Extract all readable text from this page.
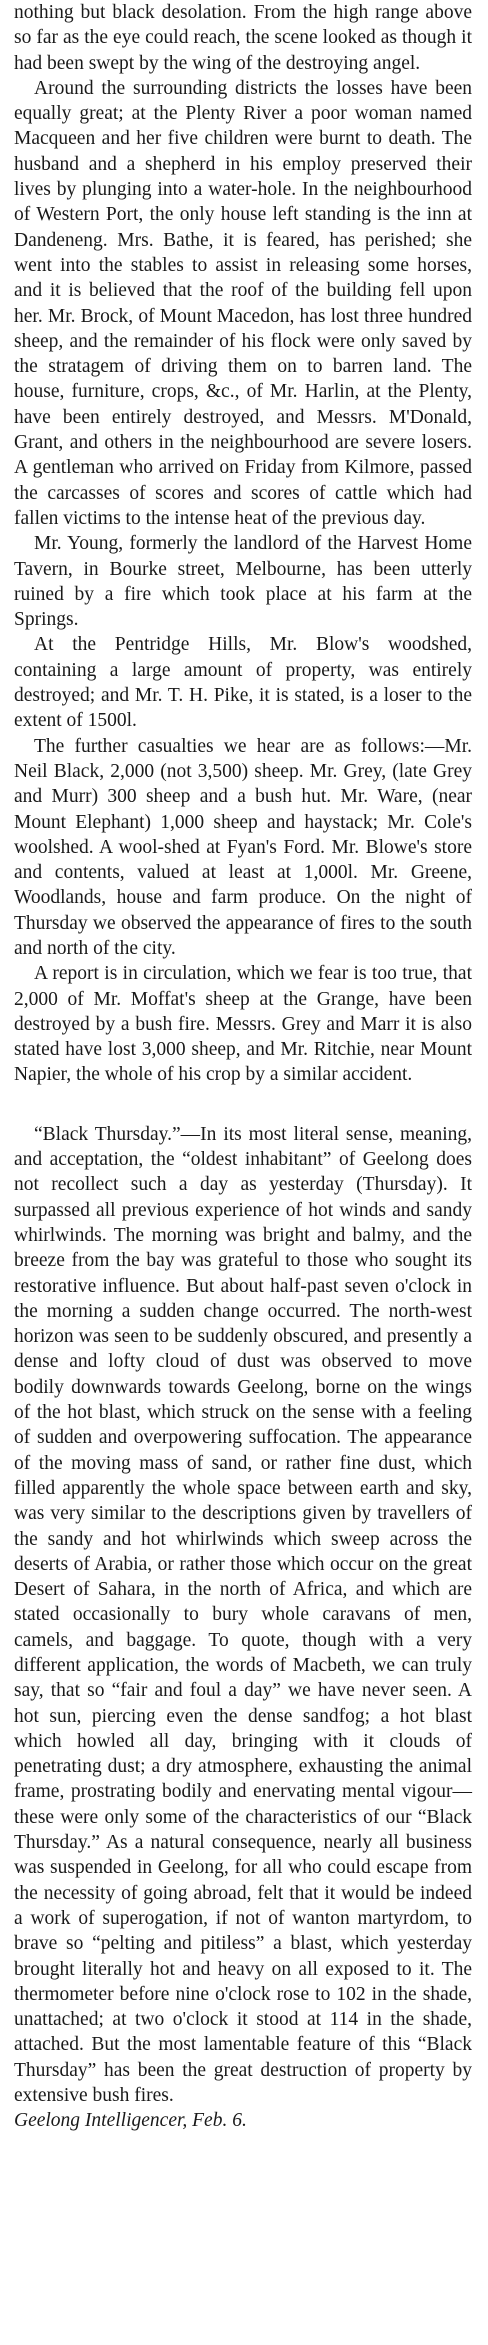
nothing but black desolation. From the high range above so far as the eye could reach, the scene looked as though it had been swept by the wing of the destroying angel.

Around the surrounding districts the losses have been equally great; at the Plenty River a poor woman named Macqueen and her five children were burnt to death. The husband and a shepherd in his employ preserved their lives by plunging into a water-hole. In the neighbourhood of Western Port, the only house left standing is the inn at Dandeneng. Mrs. Bathe, it is feared, has perished; she went into the stables to assist in releasing some horses, and it is believed that the roof of the building fell upon her. Mr. Brock, of Mount Macedon, has lost three hundred sheep, and the remainder of his flock were only saved by the stratagem of driving them on to barren land. The house, furniture, crops, &c., of Mr. Harlin, at the Plenty, have been entirely destroyed, and Messrs. M'Donald, Grant, and others in the neighbourhood are severe losers. A gentleman who arrived on Friday from Kilmore, passed the carcasses of scores and scores of cattle which had fallen victims to the intense heat of the previous day.

Mr. Young, formerly the landlord of the Harvest Home Tavern, in Bourke street, Melbourne, has been utterly ruined by a fire which took place at his farm at the Springs.

At the Pentridge Hills, Mr. Blow's woodshed, containing a large amount of property, was entirely destroyed; and Mr. T. H. Pike, it is stated, is a loser to the extent of 1500l.

The further casualties we hear are as follows:—Mr. Neil Black, 2,000 (not 3,500) sheep. Mr. Grey, (late Grey and Murr) 300 sheep and a bush hut. Mr. Ware, (near Mount Elephant) 1,000 sheep and haystack; Mr. Cole's woolshed. A wool-shed at Fyan's Ford. Mr. Blowe's store and contents, valued at least at 1,000l. Mr. Greene, Woodlands, house and farm produce. On the night of Thursday we observed the appearance of fires to the south and north of the city.

A report is in circulation, which we fear is too true, that 2,000 of Mr. Moffat's sheep at the Grange, have been destroyed by a bush fire. Messrs. Grey and Marr it is also stated have lost 3,000 sheep, and Mr. Ritchie, near Mount Napier, the whole of his crop by a similar accident.

“Black Thursday.”—In its most literal sense, meaning, and acceptation, the “oldest inhabitant” of Geelong does not recollect such a day as yesterday (Thursday). It surpassed all previous experience of hot winds and sandy whirlwinds. The morning was bright and balmy, and the breeze from the bay was grateful to those who sought its restorative influence. But about half-past seven o'clock in the morning a sudden change occurred. The north-west horizon was seen to be suddenly obscured, and presently a dense and lofty cloud of dust was observed to move bodily downwards towards Geelong, borne on the wings of the hot blast, which struck on the sense with a feeling of sudden and overpowering suffocation. The appearance of the moving mass of sand, or rather fine dust, which filled apparently the whole space between earth and sky, was very similar to the descriptions given by travellers of the sandy and hot whirlwinds which sweep across the deserts of Arabia, or rather those which occur on the great Desert of Sahara, in the north of Africa, and which are stated occasionally to bury whole caravans of men, camels, and baggage. To quote, though with a very different application, the words of Macbeth, we can truly say, that so “fair and foul a day” we have never seen. A hot sun, piercing even the dense sandfog; a hot blast which howled all day, bringing with it clouds of penetrating dust; a dry atmosphere, exhausting the animal frame, prostrating bodily and enervating mental vigour—these were only some of the characteristics of our “Black Thursday.” As a natural consequence, nearly all business was suspended in Geelong, for all who could escape from the necessity of going abroad, felt that it would be indeed a work of superogation, if not of wanton martyrdom, to brave so “pelting and pitiless” a blast, which yesterday brought literally hot and heavy on all exposed to it. The thermometer before nine o'clock rose to 102 in the shade, unattached; at two o'clock it stood at 114 in the shade, attached. But the most lamentable feature of this “Black Thursday” has been the great destruction of property by extensive bush fires.

Geelong Intelligencer, Feb. 6.
